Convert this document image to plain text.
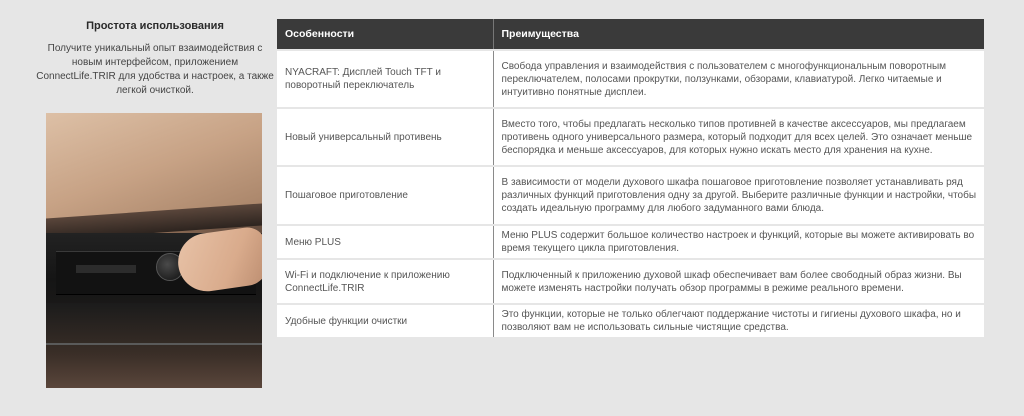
Простота использования
Получите уникальный опыт взаимодействия с новым интерфейсом, приложением ConnectLife.TRIR для удобства и настроек, а также легкой очисткой.
Особенности	Преимущества
NYACRAFT: Дисплей Touch TFT и поворотный переключатель	Свобода управления и взаимодействия с пользователем с многофункциональным поворотным переключателем, полосами прокрутки, ползунками, обзорами, клавиатурой. Легко читаемые и интуитивно понятные дисплеи.
Новый универсальный противень	Вместо того, чтобы предлагать несколько типов противней в качестве аксессуаров, мы предлагаем противень одного универсального размера, который подходит для всех целей. Это означает меньше беспорядка и меньше аксессуаров, для которых нужно искать место для хранения на кухне.
Пошаговое приготовление	В зависимости от модели духового шкафа пошаговое приготовление позволяет устанавливать ряд различных функций приготовления одну за другой. Выберите различные функции и настройки, чтобы создать идеальную программу для любого задуманного вами блюда.
Меню PLUS	Меню PLUS содержит большое количество настроек и функций, которые вы можете активировать во время текущего цикла приготовления.
Wi-Fi и подключение к приложению ConnectLife.TRIR	Подключенный к приложению духовой шкаф обеспечивает вам более свободный образ жизни. Вы можете изменять настройки получать обзор программы в режиме реального времени.
Удобные функции очистки	Это функции, которые не только облегчают поддержание чистоты и гигиены духового шкафа, но и позволяют вам не использовать сильные чистящие средства.
